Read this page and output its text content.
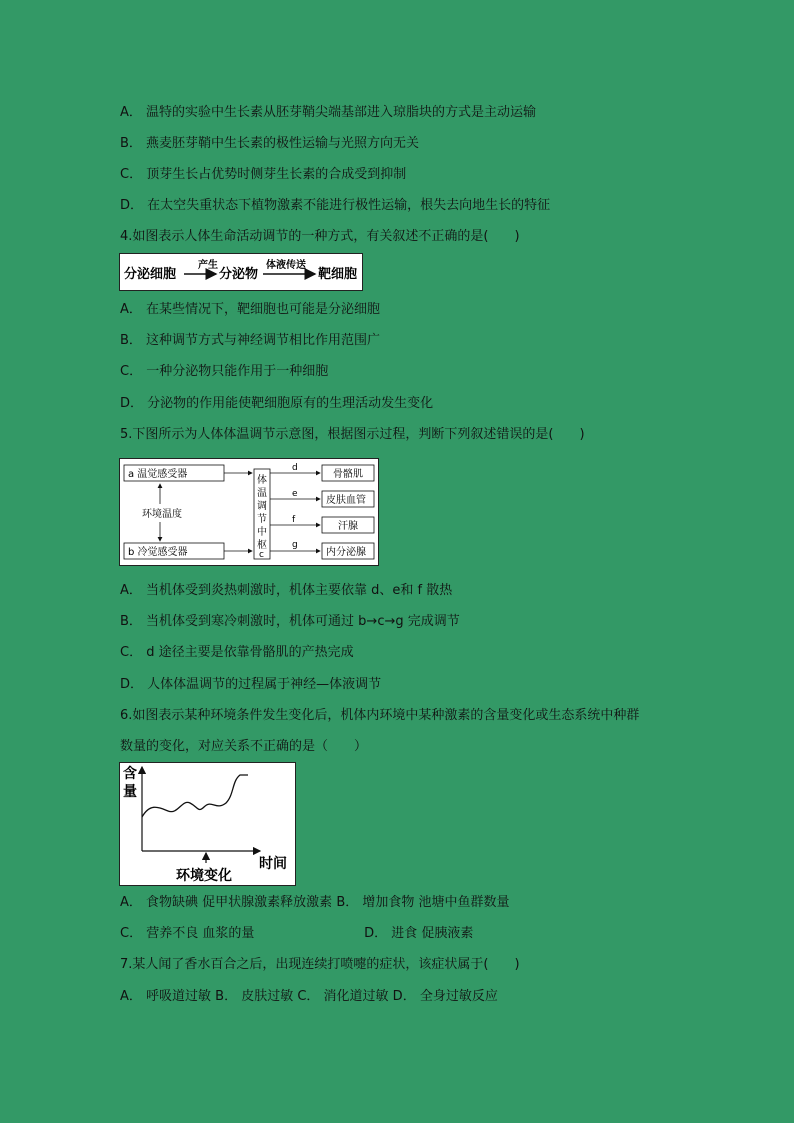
A． 温特的实验中生长素从胚芽鞘尖端基部进入琼脂块的方式是主动运输
B． 燕麦胚芽鞘中生长素的极性运输与光照方向无关
C． 顶芽生长占优势时侧芽生长素的合成受到抑制
D． 在太空失重状态下植物激素不能进行极性运输，根失去向地生长的特征
4.如图表示人体生命活动调节的一种方式，有关叙述不正确的是(　　)
分泌细胞
产生
分泌物
体液传送
靶细胞
A． 在某些情况下，靶细胞也可能是分泌细胞
B． 这种调节方式与神经调节相比作用范围广
C． 一种分泌物只能作用于一种细胞
D． 分泌物的作用能使靶细胞原有的生理活动发生变化
5.下图所示为人体体温调节示意图，根据图示过程，判断下列叙述错误的是(　　)
a 温觉感受器
环境温度
b 冷觉感受器
体
温
调
节
中
枢
c
d
e
f
g
骨骼肌
皮肤血管
汗腺
内分泌腺
A． 当机体受到炎热刺激时，机体主要依靠 d、e和 f 散热
B． 当机体受到寒冷刺激时，机体可通过 b→c→g 完成调节
C． d 途径主要是依靠骨骼肌的产热完成
D． 人体体温调节的过程属于神经—体液调节
6.如图表示某种环境条件发生变化后，机体内环境中某种激素的含量变化或生态系统中种群
数量的变化，对应关系不正确的是（　　）
含
量
时间
环境变化
A． 食物缺碘 促甲状腺激素释放激素 B． 增加食物 池塘中鱼群数量
C． 营养不良 血浆的量	D． 进食 促胰液素
7.某人闻了香水百合之后，出现连续打喷嚏的症状，该症状属于(　　)
A． 呼吸道过敏 B． 皮肤过敏 C． 消化道过敏 D． 全身过敏反应
